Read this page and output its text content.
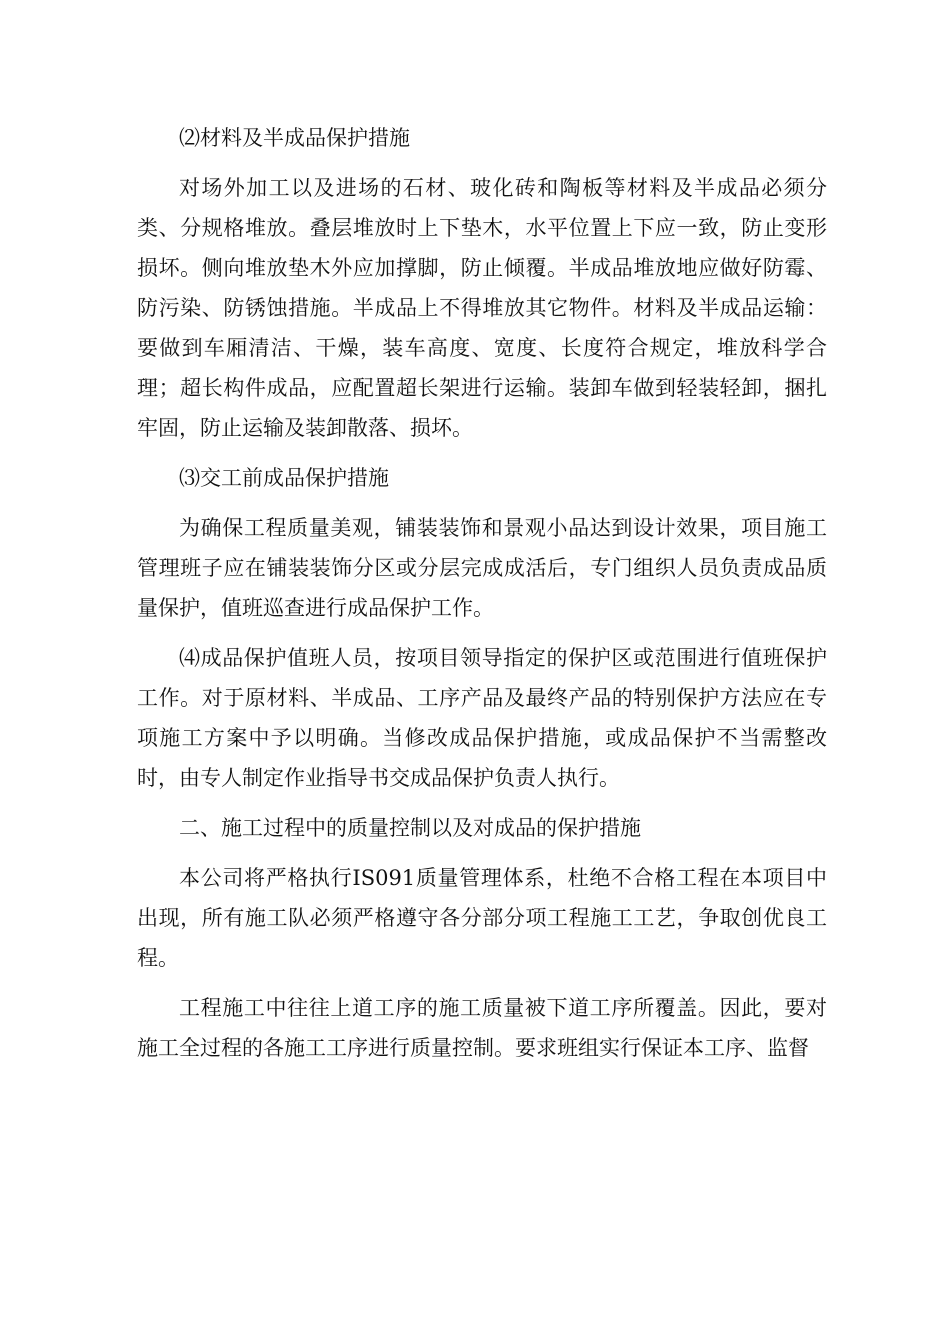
⑵材料及半成品保护措施

对场外加工以及进场的石材、玻化砖和陶板等材料及半成品必须分类、分规格堆放。叠层堆放时上下垫木，水平位置上下应一致，防止变形损坏。侧向堆放垫木外应加撑脚，防止倾覆。半成品堆放地应做好防霉、防污染、防锈蚀措施。半成品上不得堆放其它物件。材料及半成品运输：要做到车厢清洁、干燥，装车高度、宽度、长度符合规定，堆放科学合理；超长构件成品，应配置超长架进行运输。装卸车做到轻装轻卸，捆扎牢固，防止运输及装卸散落、损坏。

⑶交工前成品保护措施

为确保工程质量美观，铺装装饰和景观小品达到设计效果，项目施工管理班子应在铺装装饰分区或分层完成成活后，专门组织人员负责成品质量保护，值班巡查进行成品保护工作。

⑷成品保护值班人员，按项目领导指定的保护区或范围进行值班保护工作。对于原材料、半成品、工序产品及最终产品的特别保护方法应在专项施工方案中予以明确。当修改成品保护措施，或成品保护不当需整改时，由专人制定作业指导书交成品保护负责人执行。

二、施工过程中的质量控制以及对成品的保护措施

本公司将严格执行IS091质量管理体系，杜绝不合格工程在本项目中出现，所有施工队必须严格遵守各分部分项工程施工工艺，争取创优良工程。

工程施工中往往上道工序的施工质量被下道工序所覆盖。因此，要对施工全过程的各施工工序进行质量控制。要求班组实行保证本工序、监督
